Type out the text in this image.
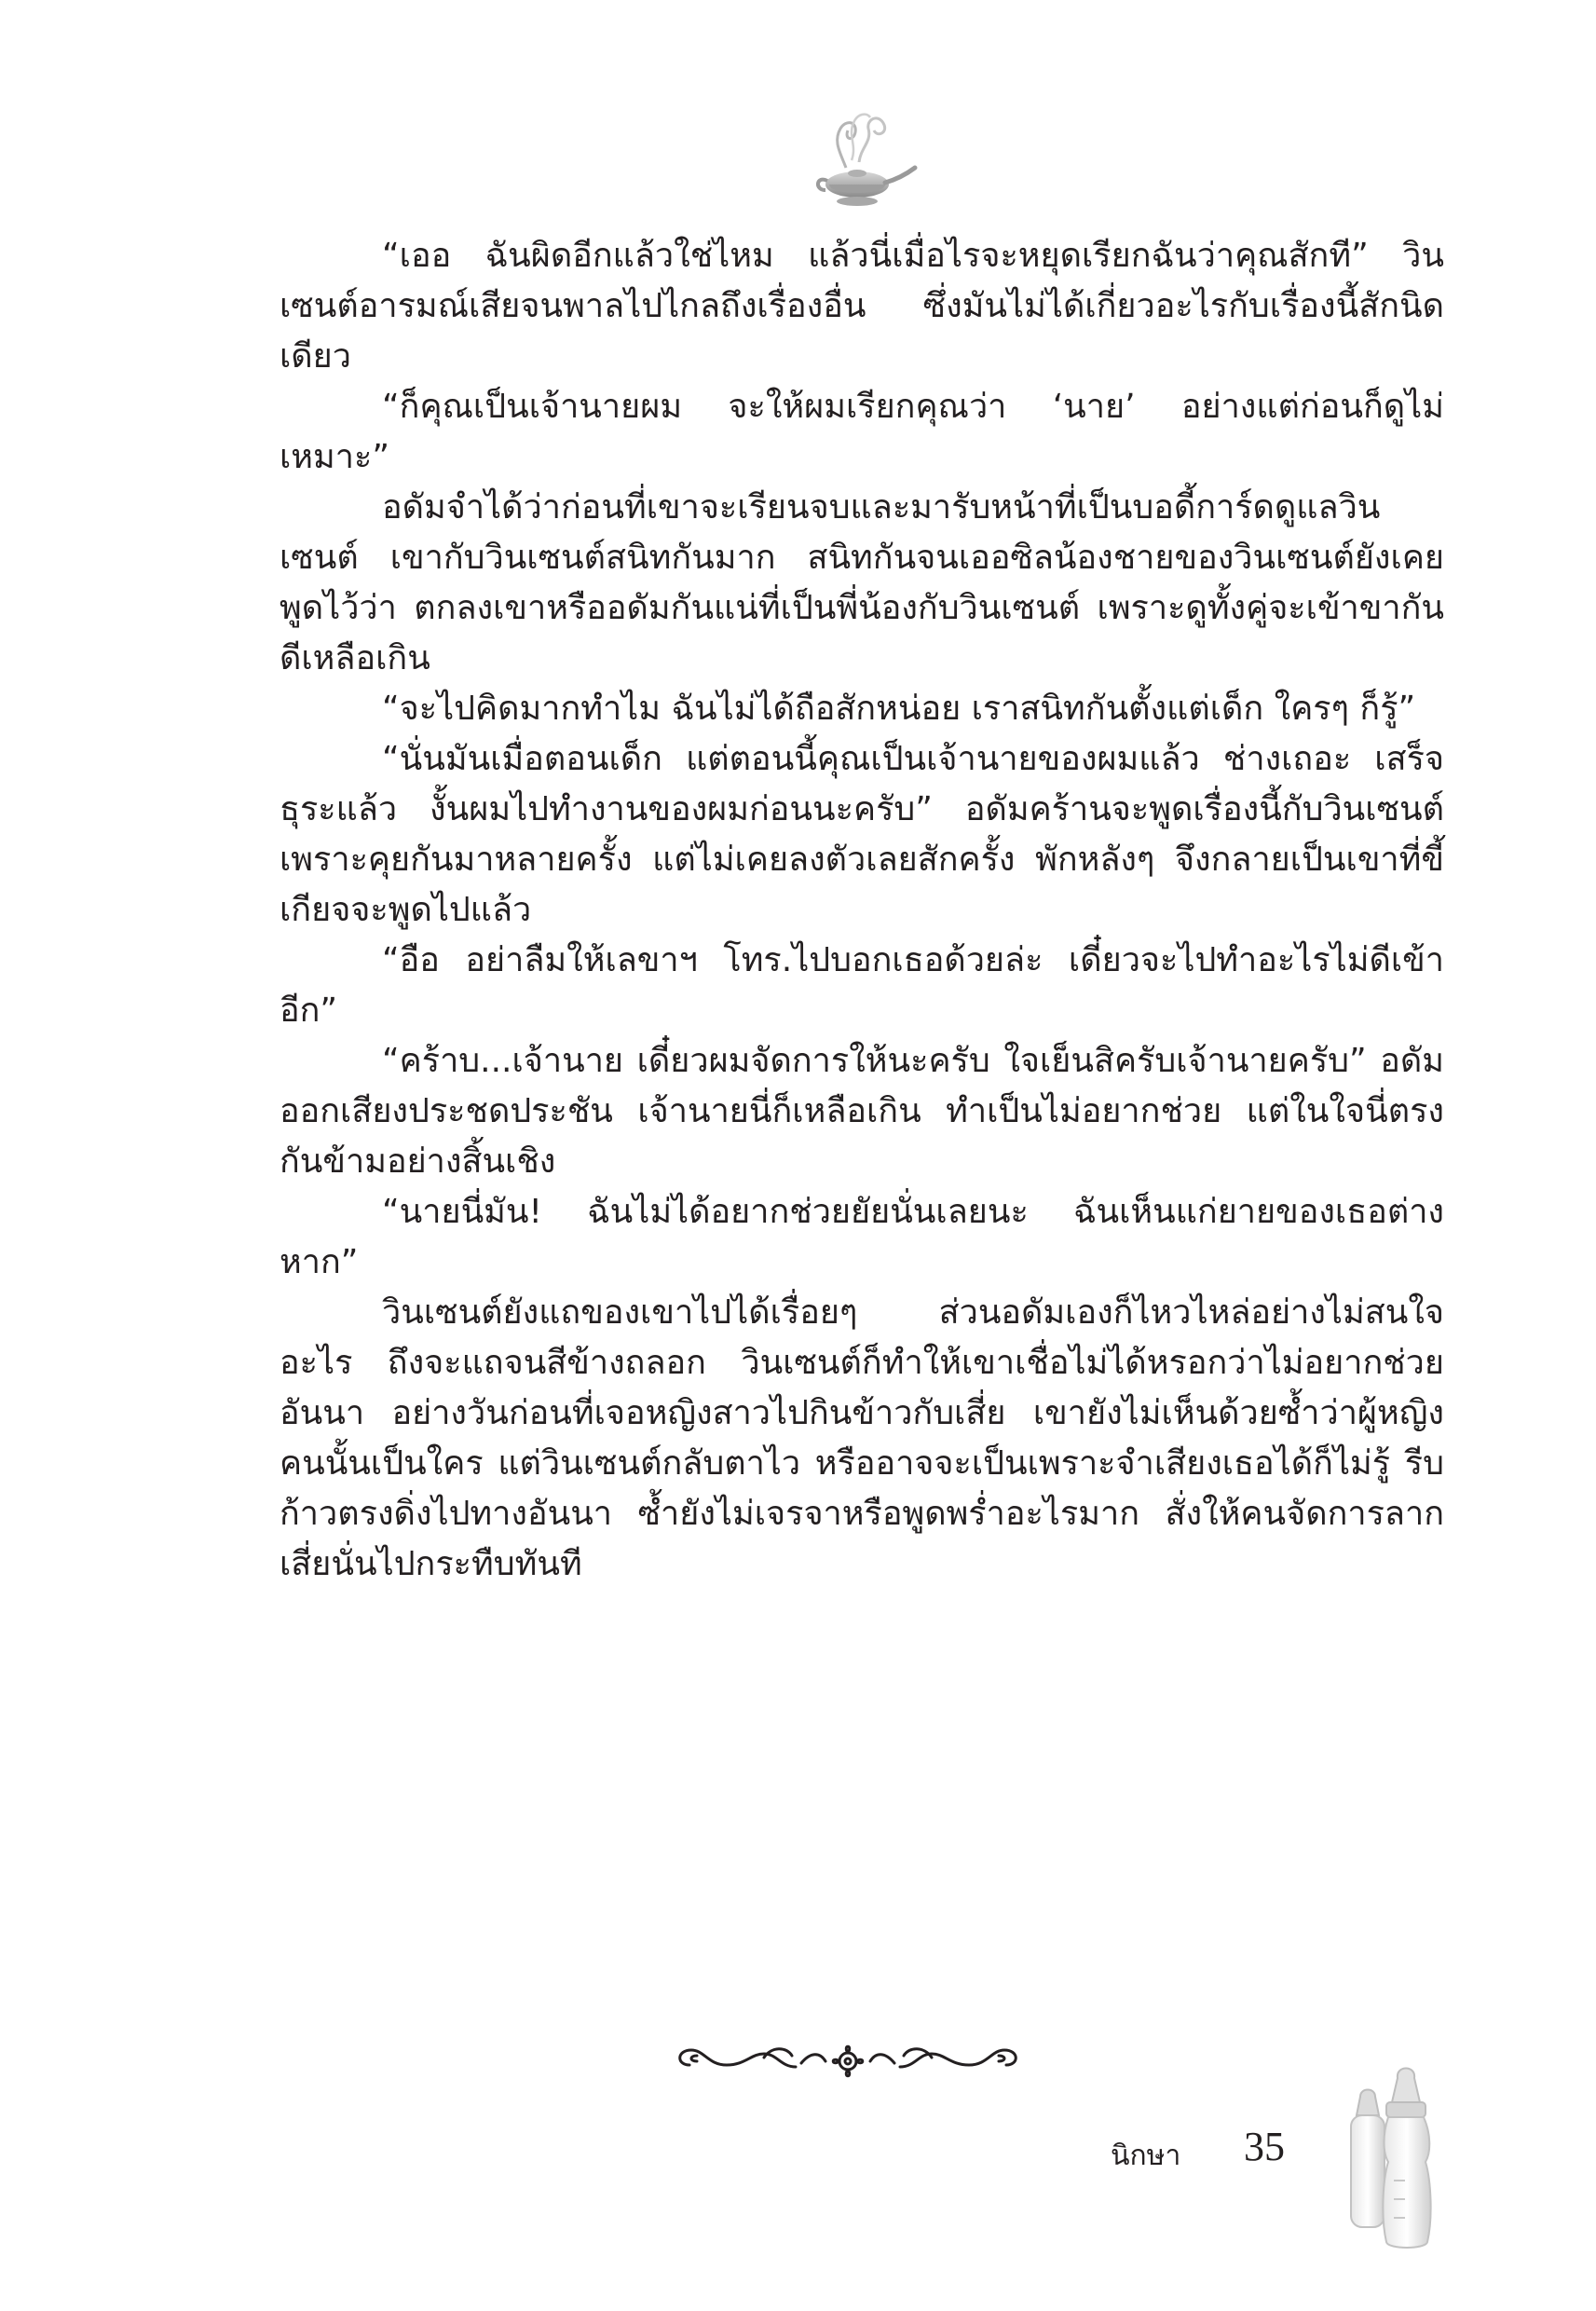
“เออ ฉันผิดอีกแล้วใช่ไหม แล้วนี่เมื่อไรจะหยุดเรียกฉันว่าคุณสักที” วินเซนต์อารมณ์เสียจนพาลไปไกลถึงเรื่องอื่น ซึ่งมันไม่ได้เกี่ยวอะไรกับเรื่องนี้สักนิดเดียว

“ก็คุณเป็นเจ้านายผม จะให้ผมเรียกคุณว่า ‘นาย’ อย่างแต่ก่อนก็ดูไม่เหมาะ”

อดัมจำได้ว่าก่อนที่เขาจะเรียนจบและมารับหน้าที่เป็นบอดี้การ์ดดูแลวินเซนต์ เขากับวินเซนต์สนิทกันมาก สนิทกันจนเออซิลน้องชายของวินเซนต์ยังเคยพูดไว้ว่า ตกลงเขาหรืออดัมกันแน่ที่เป็นพี่น้องกับวินเซนต์ เพราะดูทั้งคู่จะเข้าขากันดีเหลือเกิน

“จะไปคิดมากทำไม ฉันไม่ได้ถือสักหน่อย เราสนิทกันตั้งแต่เด็ก ใครๆ ก็รู้”

“นั่นมันเมื่อตอนเด็ก แต่ตอนนี้คุณเป็นเจ้านายของผมแล้ว ช่างเถอะ เสร็จธุระแล้ว งั้นผมไปทำงานของผมก่อนนะครับ” อดัมคร้านจะพูดเรื่องนี้กับวินเซนต์ เพราะคุยกันมาหลายครั้ง แต่ไม่เคยลงตัวเลยสักครั้ง พักหลังๆ จึงกลายเป็นเขาที่ขี้เกียจจะพูดไปแล้ว

“อือ อย่าลืมให้เลขาฯ โทร.ไปบอกเธอด้วยล่ะ เดี๋ยวจะไปทำอะไรไม่ดีเข้าอีก”

“คร้าบ...เจ้านาย เดี๋ยวผมจัดการให้นะครับ ใจเย็นสิครับเจ้านายครับ” อดัมออกเสียงประชดประชัน เจ้านายนี่ก็เหลือเกิน ทำเป็นไม่อยากช่วย แต่ในใจนี่ตรงกันข้ามอย่างสิ้นเชิง

“นายนี่มัน! ฉันไม่ได้อยากช่วยยัยนั่นเลยนะ ฉันเห็นแก่ยายของเธอต่างหาก”

วินเซนต์ยังแถของเขาไปได้เรื่อยๆ ส่วนอดัมเองก็ไหวไหล่อย่างไม่สนใจอะไร ถึงจะแถจนสีข้างถลอก วินเซนต์ก็ทำให้เขาเชื่อไม่ได้หรอกว่าไม่อยากช่วยอันนา อย่างวันก่อนที่เจอหญิงสาวไปกินข้าวกับเสี่ย เขายังไม่เห็นด้วยซ้ำว่าผู้หญิงคนนั้นเป็นใคร แต่วินเซนต์กลับตาไว หรืออาจจะเป็นเพราะจำเสียงเธอได้ก็ไม่รู้ รีบก้าวตรงดิ่งไปทางอันนา ซ้ำยังไม่เจรจาหรือพูดพร่ำอะไรมาก สั่งให้คนจัดการลากเสี่ยนั่นไปกระทืบทันที

นิกษา 35
